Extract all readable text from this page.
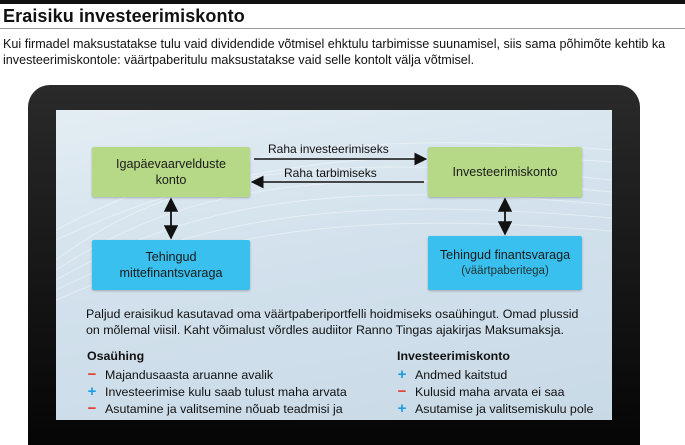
Eraisiku investeerimiskonto
Kui firmadel maksustatakse tulu vaid dividendide võtmisel ehktulu tarbimisse suunamisel, siis sama põhimõte kehtib ka investeerimiskontole: väärtpaberitulu maksustatakse vaid selle kontolt välja võtmisel.
Igapäevaarvelduste konto
Investeerimiskonto
Tehingud mittefinantsvaraga
Tehingud finantsvaraga
(väärtpaberitega)
Raha investeerimiseks
Raha tarbimiseks
Paljud eraisikud kasutavad oma väärtpaberiportfelli hoidmiseks osaühingut. Omad plussid on mõlemal viisil. Kaht võimalust võrdles audiitor Ranno Tingas ajakirjas Maksumaksja.
Osaühing	Investeerimiskonto
− Majandusaasta aruanne avalik
+ Investeerimise kulu saab tulust maha arvata
− Asutamine ja valitsemine nõuab teadmisi ja
+ Andmed kaitstud
− Kulusid maha arvata ei saa
+ Asutamise ja valitsemiskulu pole
